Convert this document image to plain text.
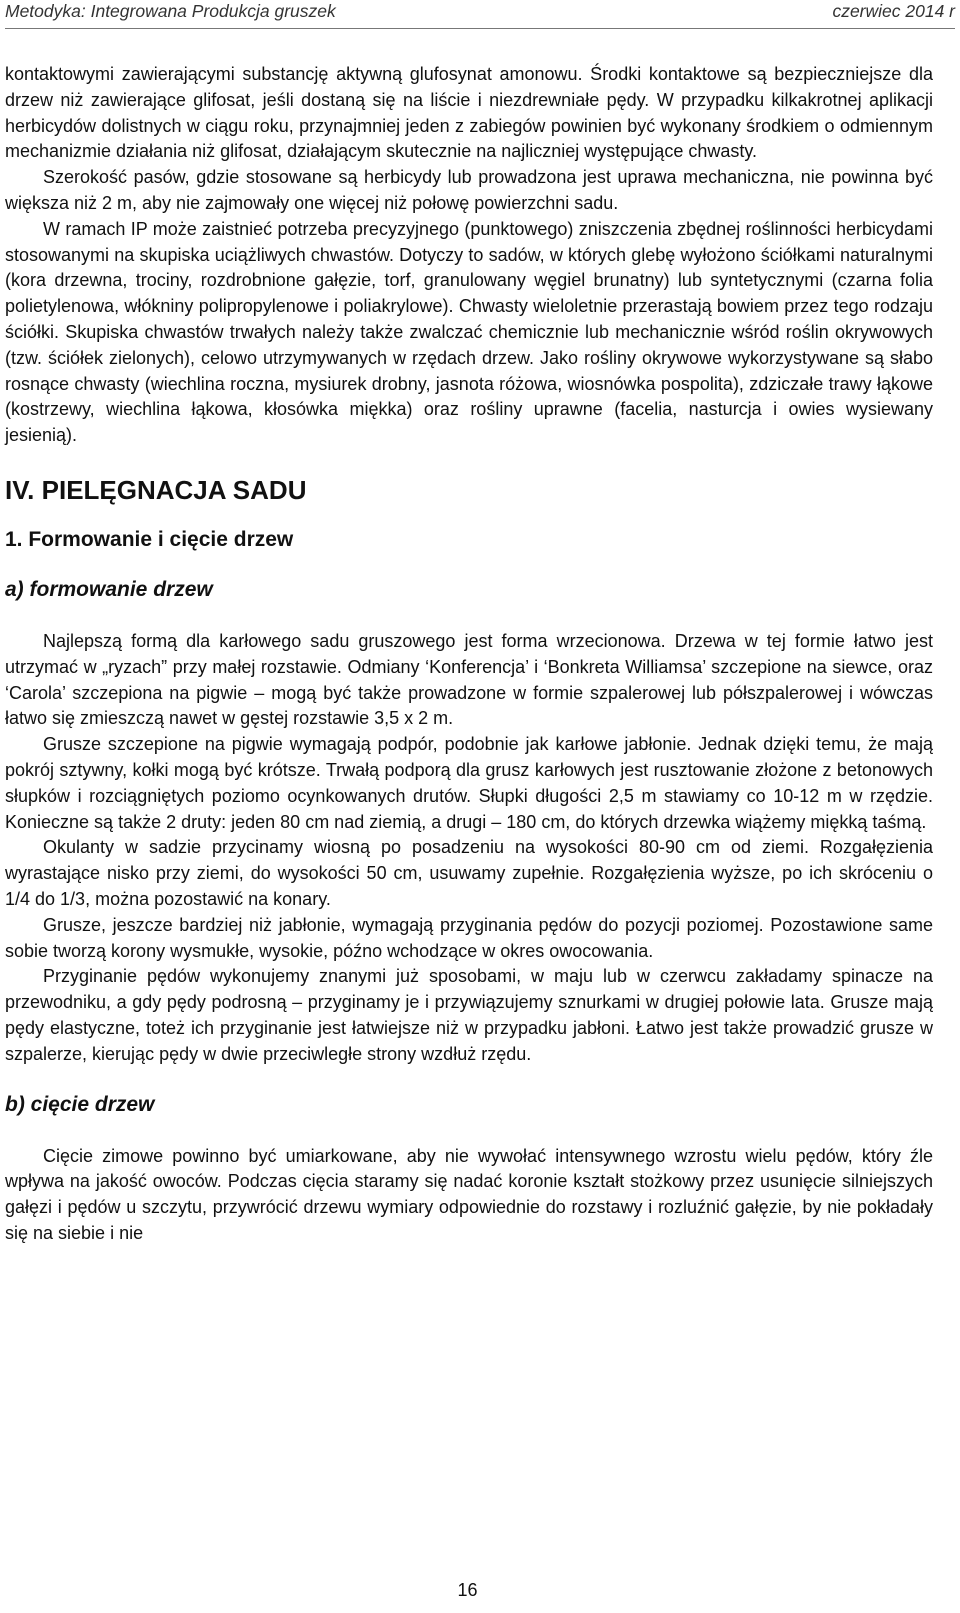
Metodyka: Integrowana Produkcja gruszek	czerwiec 2014 r

kontaktowymi zawierającymi substancję aktywną glufosynat amonowu. Środki kontaktowe są bezpieczniejsze dla drzew niż zawierające glifosat, jeśli dostaną się na liście i niezdrewniałe pędy. W przypadku kilkakrotnej aplikacji herbicydów dolistnych w ciągu roku, przynajmniej jeden z zabiegów powinien być wykonany środkiem o odmiennym mechanizmie działania niż glifosat, działającym skutecznie na najliczniej występujące chwasty.

Szerokość pasów, gdzie stosowane są herbicydy lub prowadzona jest uprawa mechaniczna, nie powinna być większa niż 2 m, aby nie zajmowały one więcej niż połowę powierzchni sadu.

W ramach IP może zaistnieć potrzeba precyzyjnego (punktowego) zniszczenia zbędnej roślinności herbicydami stosowanymi na skupiska uciążliwych chwastów. Dotyczy to sadów, w których glebę wyłożono ściółkami naturalnymi (kora drzewna, trociny, rozdrobnione gałęzie, torf, granulowany węgiel brunatny) lub syntetycznymi (czarna folia polietylenowa, włókniny polipropylenowe i poliakrylowe). Chwasty wieloletnie przerastają bowiem przez tego rodzaju ściółki. Skupiska chwastów trwałych należy także zwalczać chemicznie lub mechanicznie wśród roślin okrywowych (tzw. ściółek zielonych), celowo utrzymywanych w rzędach drzew. Jako rośliny okrywowe wykorzystywane są słabo rosnące chwasty (wiechlina roczna, mysiurek drobny, jasnota różowa, wiosnówka pospolita), zdziczałe trawy łąkowe (kostrzewy, wiechlina łąkowa, kłosówka miękka) oraz rośliny uprawne (facelia, nasturcja i owies wysiewany jesienią).

IV. PIELĘGNACJA SADU
1. Formowanie i cięcie drzew
a) formowanie drzew

Najlepszą formą dla karłowego sadu gruszowego jest forma wrzecionowa. Drzewa w tej formie łatwo jest utrzymać w „ryzach” przy małej rozstawie. Odmiany ‘Konferencja’ i ‘Bonkreta Williamsa’ szczepione na siewce, oraz ‘Carola’ szczepiona na pigwie – mogą być także prowadzone w formie szpalerowej lub półszpalerowej i wówczas łatwo się zmieszczą nawet w gęstej rozstawie 3,5 x 2 m.

Grusze szczepione na pigwie wymagają podpór, podobnie jak karłowe jabłonie. Jednak dzięki temu, że mają pokrój sztywny, kołki mogą być krótsze. Trwałą podporą dla grusz karłowych jest rusztowanie złożone z betonowych słupków i rozciągniętych poziomo ocynkowanych drutów. Słupki długości 2,5 m stawiamy co 10-12 m w rzędzie. Konieczne są także 2 druty: jeden 80 cm nad ziemią, a drugi – 180 cm, do których drzewka wiążemy miękką taśmą.

Okulanty w sadzie przycinamy wiosną po posadzeniu na wysokości 80-90 cm od ziemi. Rozgałęzienia wyrastające nisko przy ziemi, do wysokości 50 cm, usuwamy zupełnie. Rozgałęzienia wyższe, po ich skróceniu o 1/4 do 1/3, można pozostawić na konary.

Grusze, jeszcze bardziej niż jabłonie, wymagają przyginania pędów do pozycji poziomej. Pozostawione same sobie tworzą korony wysmukłe, wysokie, późno wchodzące w okres owocowania.

Przyginanie pędów wykonujemy znanymi już sposobami, w maju lub w czerwcu zakładamy spinacze na przewodniku, a gdy pędy podrosną – przyginamy je i przywiązujemy sznurkami w drugiej połowie lata. Grusze mają pędy elastyczne, toteż ich przyginanie jest łatwiejsze niż w przypadku jabłoni. Łatwo jest także prowadzić grusze w szpalerze, kierując pędy w dwie przeciwległe strony wzdłuż rzędu.

b) cięcie drzew

Cięcie zimowe powinno być umiarkowane, aby nie wywołać intensywnego wzrostu wielu pędów, który źle wpływa na jakość owoców. Podczas cięcia staramy się nadać koronie kształt stożkowy przez usunięcie silniejszych gałęzi i pędów u szczytu, przywrócić drzewu wymiary odpowiednie do rozstawy i rozluźnić gałęzie, by nie pokładały się na siebie i nie

16
